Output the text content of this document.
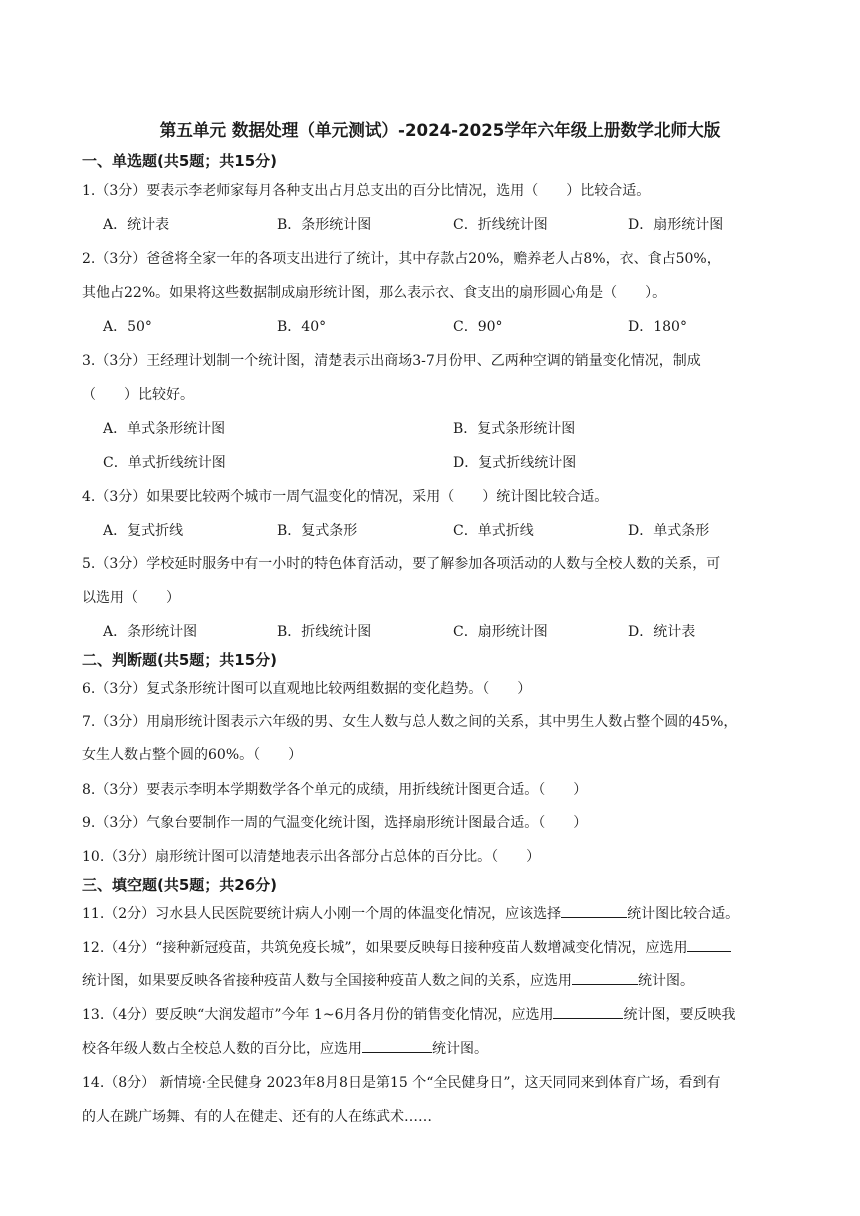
第五单元 数据处理（单元测试）-2024-2025学年六年级上册数学北师大版
一、单选题(共5题；共15分)
1.（3分）要表示李老师家每月各种支出占月总支出的百分比情况，选用（　　）比较合适。
A．统计表	B．条形统计图	C．折线统计图	D．扇形统计图
2.（3分）爸爸将全家一年的各项支出进行了统计，其中存款占20%，赡养老人占8%，衣、食占50%，
其他占22%。如果将这些数据制成扇形统计图，那么表示衣、食支出的扇形圆心角是（　　）。
A．50°	B．40°	C．90°	D．180°
3.（3分）王经理计划制一个统计图，清楚表示出商场3-7月份甲、乙两种空调的销量变化情况，制成
（　　）比较好。
A．单式条形统计图	B．复式条形统计图
C．单式折线统计图	D．复式折线统计图
4.（3分）如果要比较两个城市一周气温变化的情况，采用（　　）统计图比较合适。
A．复式折线	B．复式条形	C．单式折线	D．单式条形
5.（3分）学校延时服务中有一小时的特色体育活动，要了解参加各项活动的人数与全校人数的关系，可
以选用（　　）
A．条形统计图	B．折线统计图	C．扇形统计图	D．统计表
二、判断题(共5题；共15分)
6.（3分）复式条形统计图可以直观地比较两组数据的变化趋势。（　　）
7.（3分）用扇形统计图表示六年级的男、女生人数与总人数之间的关系，其中男生人数占整个圆的45%，
女生人数占整个圆的60%。（　　）
8.（3分）要表示李明本学期数学各个单元的成绩，用折线统计图更合适。（　　）
9.（3分）气象台要制作一周的气温变化统计图，选择扇形统计图最合适。（　　）
10.（3分）扇形统计图可以清楚地表示出各部分占总体的百分比。（　　）
三、填空题(共5题；共26分)
11.（2分）习水县人民医院要统计病人小刚一个周的体温变化情况，应该选择	统计图比较合适。
12.（4分）“接种新冠疫苗，共筑免疫长城”，如果要反映每日接种疫苗人数增减变化情况，应选用
统计图，如果要反映各省接种疫苗人数与全国接种疫苗人数之间的关系，应选用	统计图。
13.（4分）要反映“大润发超市”今年 1~6月各月份的销售变化情况，应选用	统计图，要反映我
校各年级人数占全校总人数的百分比，应选用	统计图。
14.（8分） 新情境·全民健身 2023年8月8日是第15 个“全民健身日”，这天同同来到体育广场，看到有
的人在跳广场舞、有的人在健走、还有的人在练武术……
